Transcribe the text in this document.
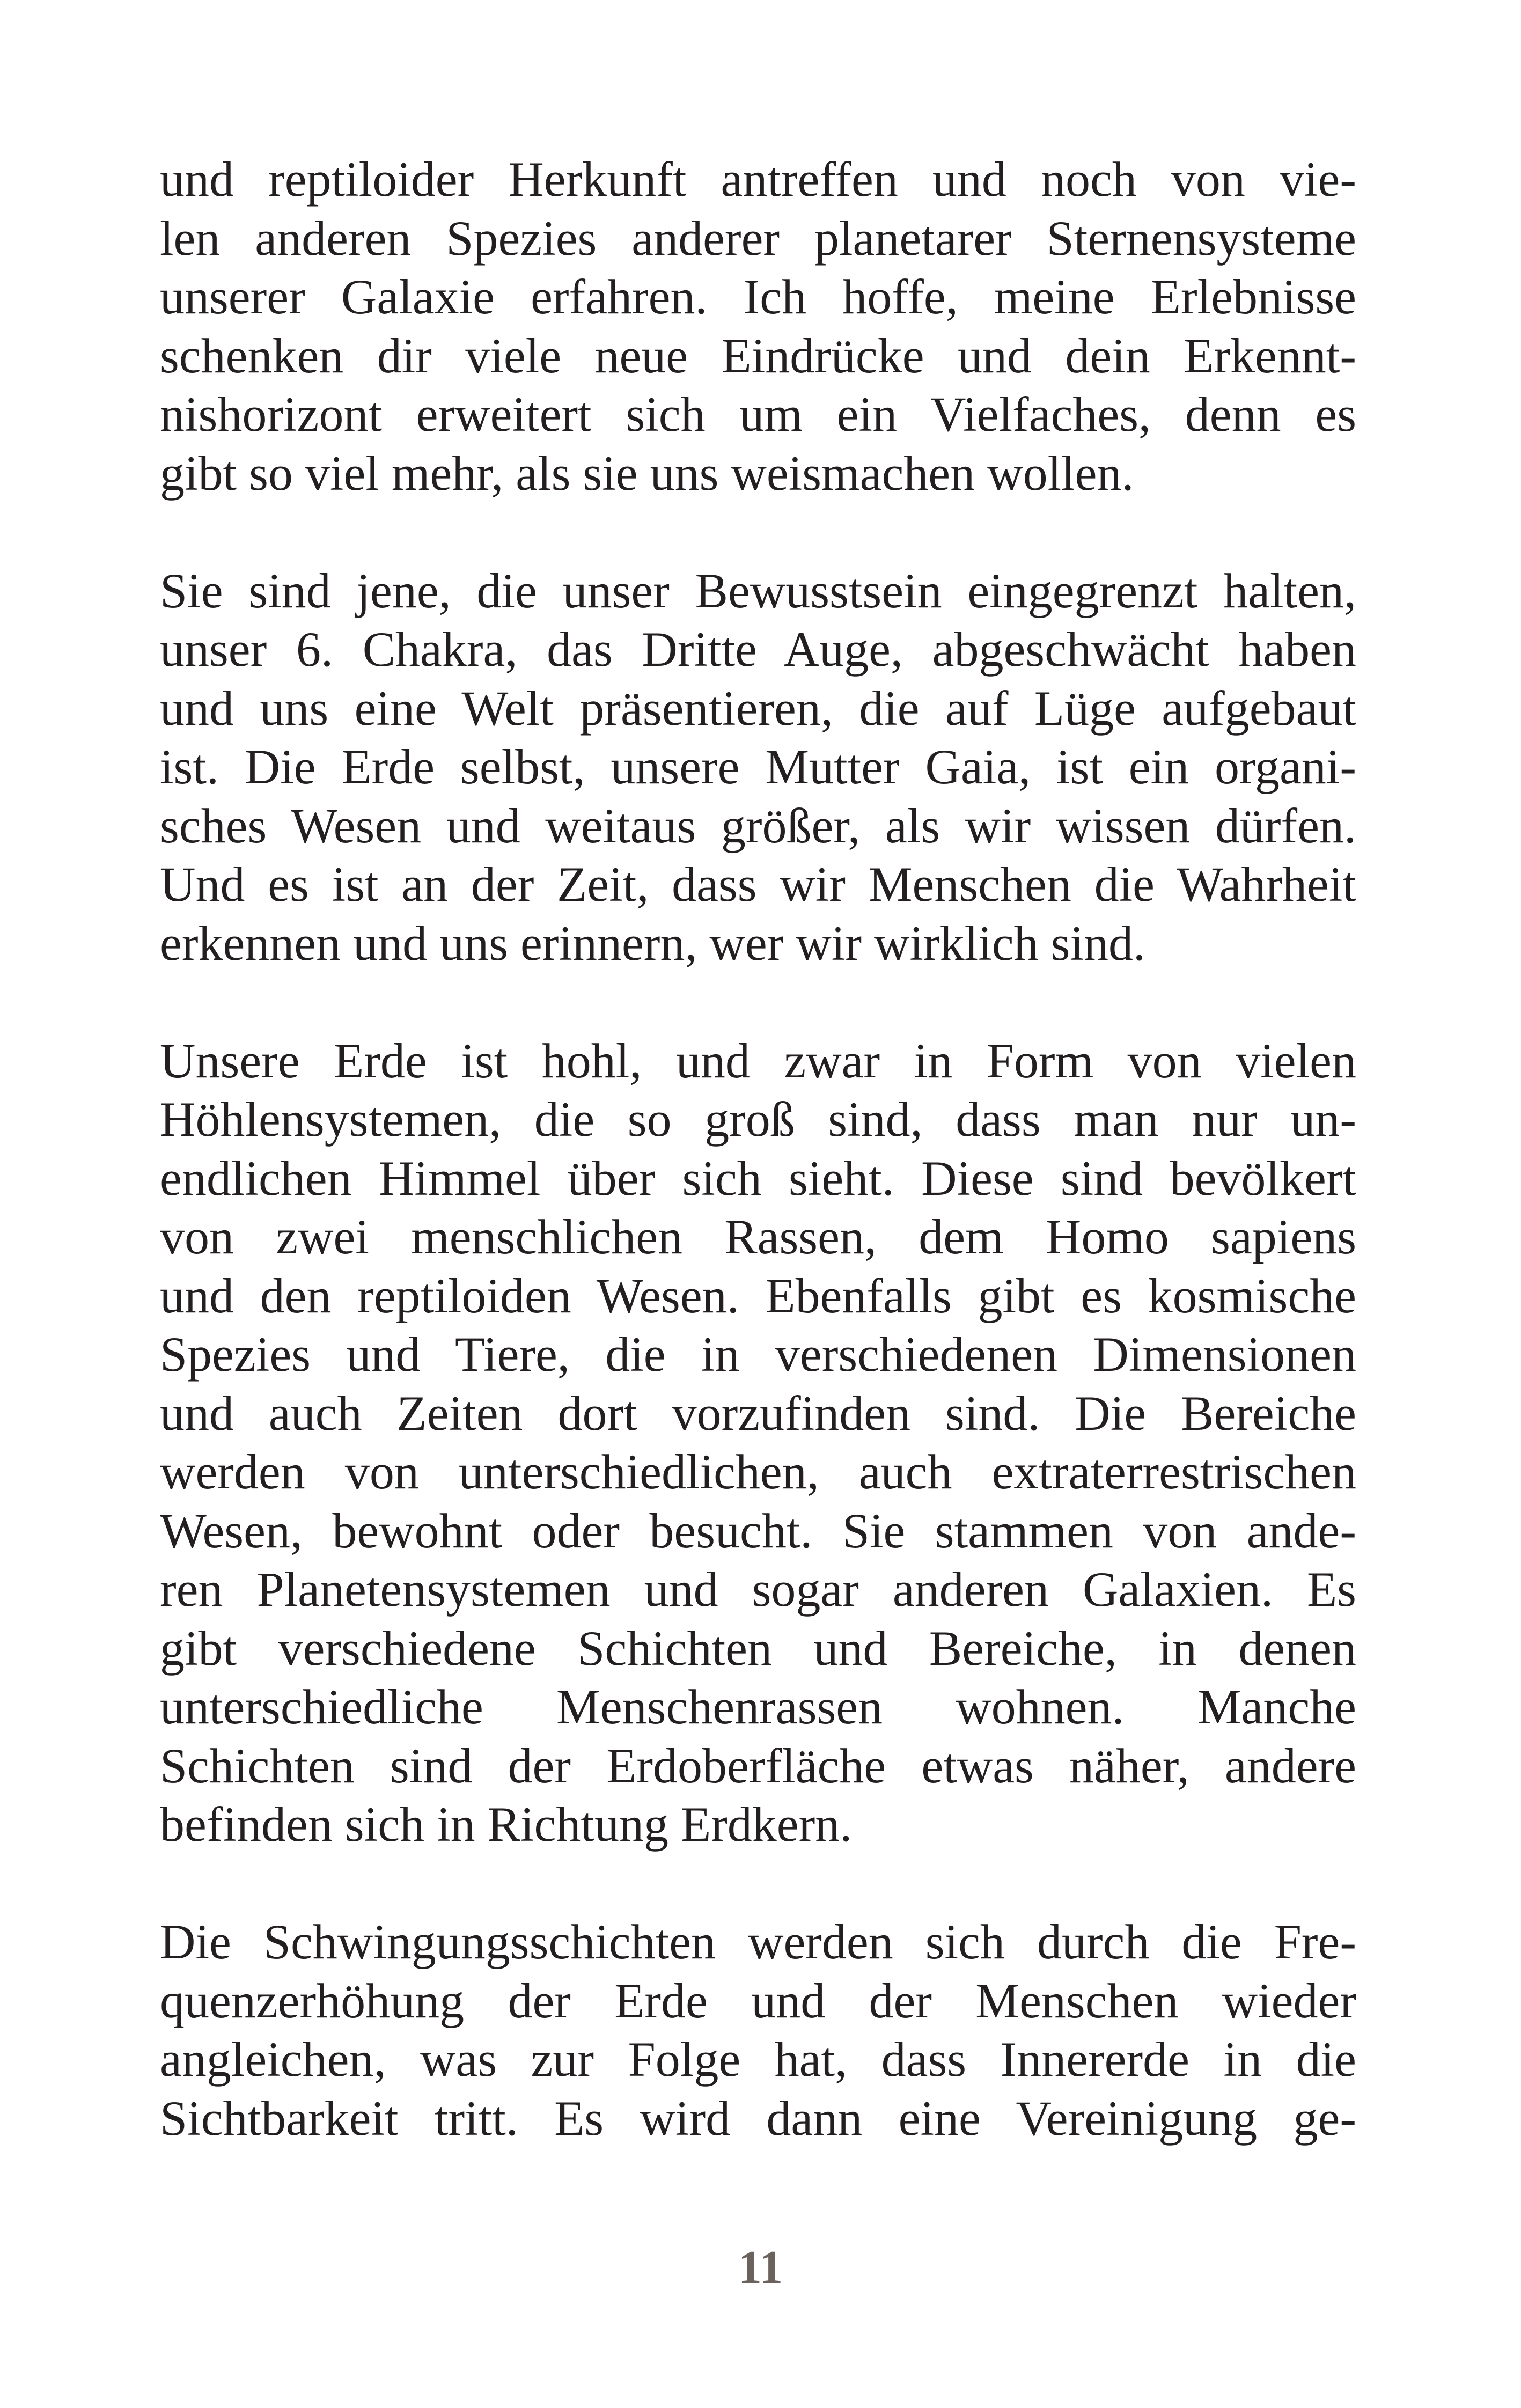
und reptiloider Herkunft antreffen und noch von vie-
len anderen Spezies anderer planetarer Sternensysteme
unserer Galaxie erfahren. Ich hoffe, meine Erlebnisse
schenken dir viele neue Eindrücke und dein Erkennt-
nishorizont erweitert sich um ein Vielfaches, denn es
gibt so viel mehr, als sie uns weismachen wollen.
Sie sind jene, die unser Bewusstsein eingegrenzt halten,
unser 6. Chakra, das Dritte Auge, abgeschwächt haben
und uns eine Welt präsentieren, die auf Lüge aufgebaut
ist. Die Erde selbst, unsere Mutter Gaia, ist ein organi-
sches Wesen und weitaus größer, als wir wissen dürfen.
Und es ist an der Zeit, dass wir Menschen die Wahrheit
erkennen und uns erinnern, wer wir wirklich sind.
Unsere Erde ist hohl, und zwar in Form von vielen
Höhlensystemen, die so groß sind, dass man nur un-
endlichen Himmel über sich sieht. Diese sind bevölkert
von zwei menschlichen Rassen, dem Homo sapiens
und den reptiloiden Wesen. Ebenfalls gibt es kosmische
Spezies und Tiere, die in verschiedenen Dimensionen
und auch Zeiten dort vorzufinden sind. Die Bereiche
werden von unterschiedlichen, auch extraterrestrischen
Wesen, bewohnt oder besucht. Sie stammen von ande-
ren Planetensystemen und sogar anderen Galaxien. Es
gibt verschiedene Schichten und Bereiche, in denen
unterschiedliche Menschenrassen wohnen. Manche
Schichten sind der Erdoberfläche etwas näher, andere
befinden sich in Richtung Erdkern.
Die Schwingungsschichten werden sich durch die Fre-
quenzerhöhung der Erde und der Menschen wieder
angleichen, was zur Folge hat, dass Innererde in die
Sichtbarkeit tritt. Es wird dann eine Vereinigung ge-
11
